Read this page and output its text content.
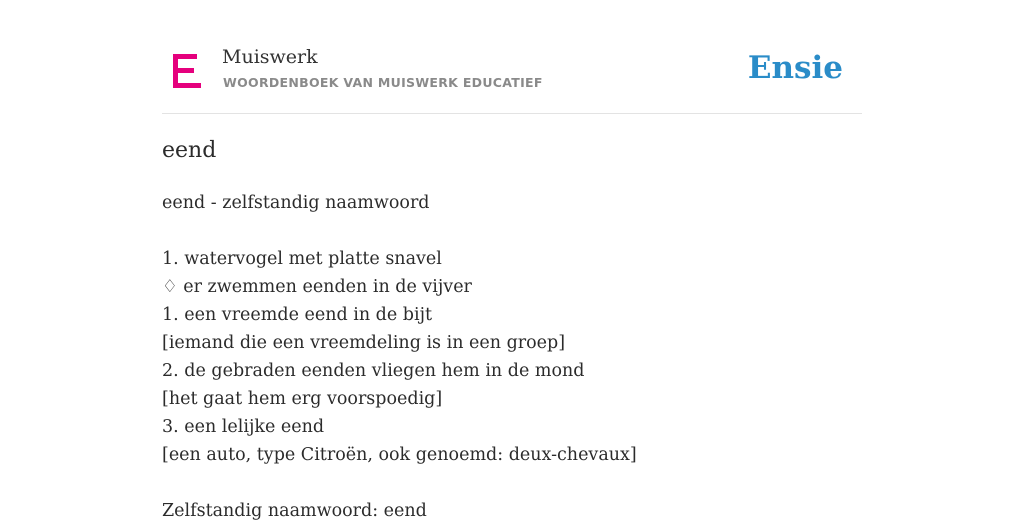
Muiswerk
WOORDENBOEK VAN MUISWERK EDUCATIEF	Ensie
eend
eend - zelfstandig naamwoord
1. watervogel met platte snavel
♢ er zwemmen eenden in de vijver
1. een vreemde eend in de bijt
[iemand die een vreemdeling is in een groep]
2. de gebraden eenden vliegen hem in de mond
[het gaat hem erg voorspoedig]
3. een lelijke eend
[een auto, type Citroën, ook genoemd: deux-chevaux]
Zelfstandig naamwoord: eend
